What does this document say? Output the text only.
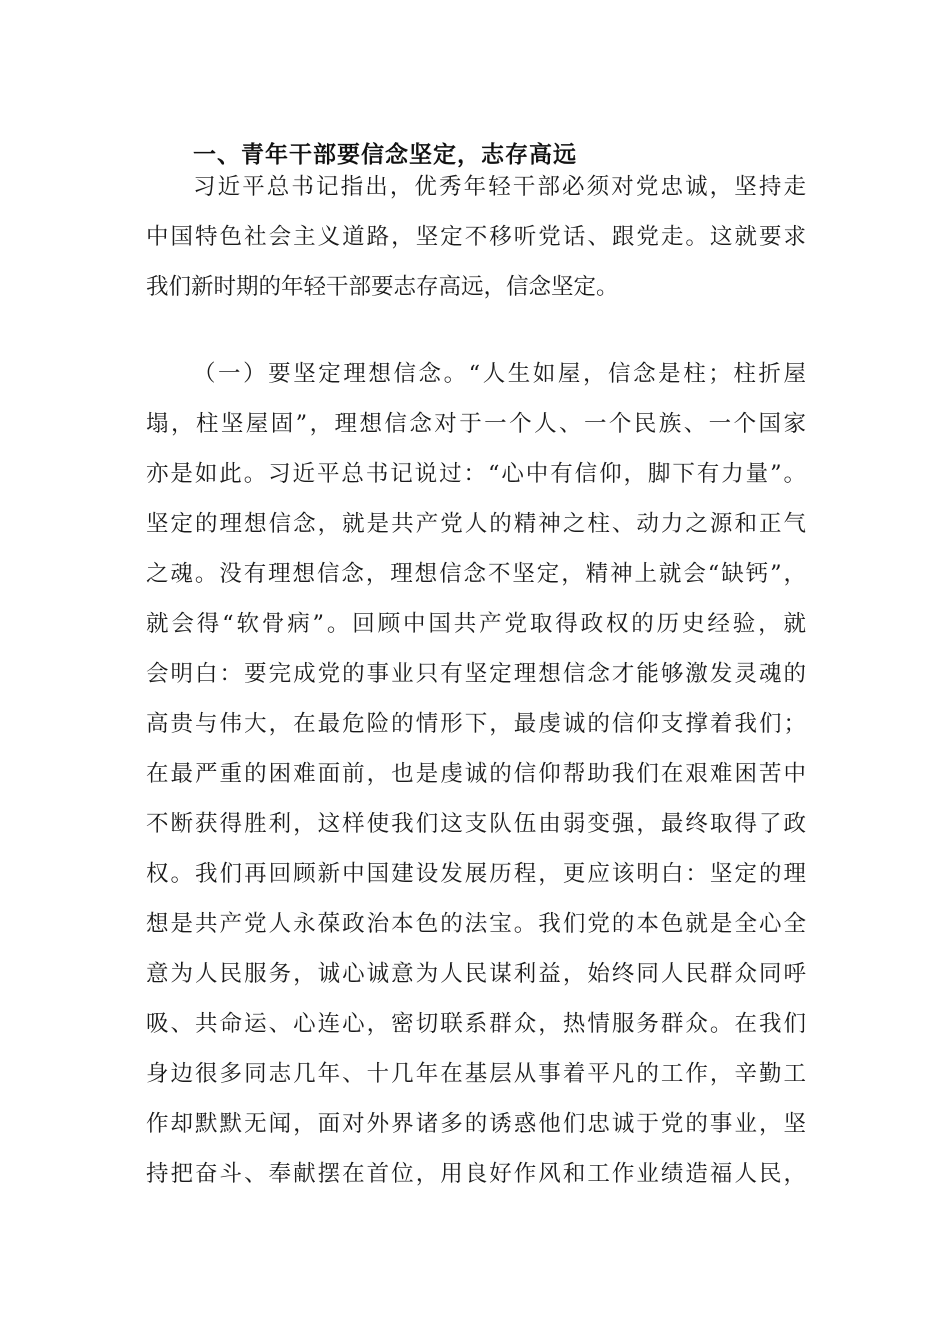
一、青年干部要信念坚定，志存高远
习近平总书记指出，优秀年轻干部必须对党忠诚，坚持走
中国特色社会主义道路，坚定不移听党话、跟党走。这就要求
我们新时期的年轻干部要志存高远，信念坚定。
（一）要坚定理想信念。“人生如屋，信念是柱；柱折屋
塌，柱坚屋固”，理想信念对于一个人、一个民族、一个国家
亦是如此。习近平总书记说过：“心中有信仰，脚下有力量”。
坚定的理想信念，就是共产党人的精神之柱、动力之源和正气
之魂。没有理想信念，理想信念不坚定，精神上就会“缺钙”，
就会得“软骨病”。回顾中国共产党取得政权的历史经验，就
会明白：要完成党的事业只有坚定理想信念才能够激发灵魂的
高贵与伟大，在最危险的情形下，最虔诚的信仰支撑着我们；
在最严重的困难面前，也是虔诚的信仰帮助我们在艰难困苦中
不断获得胜利，这样使我们这支队伍由弱变强，最终取得了政
权。我们再回顾新中国建设发展历程，更应该明白：坚定的理
想是共产党人永葆政治本色的法宝。我们党的本色就是全心全
意为人民服务，诚心诚意为人民谋利益，始终同人民群众同呼
吸、共命运、心连心，密切联系群众，热情服务群众。在我们
身边很多同志几年、十几年在基层从事着平凡的工作，辛勤工
作却默默无闻，面对外界诸多的诱惑他们忠诚于党的事业，坚
持把奋斗、奉献摆在首位，用良好作风和工作业绩造福人民，
